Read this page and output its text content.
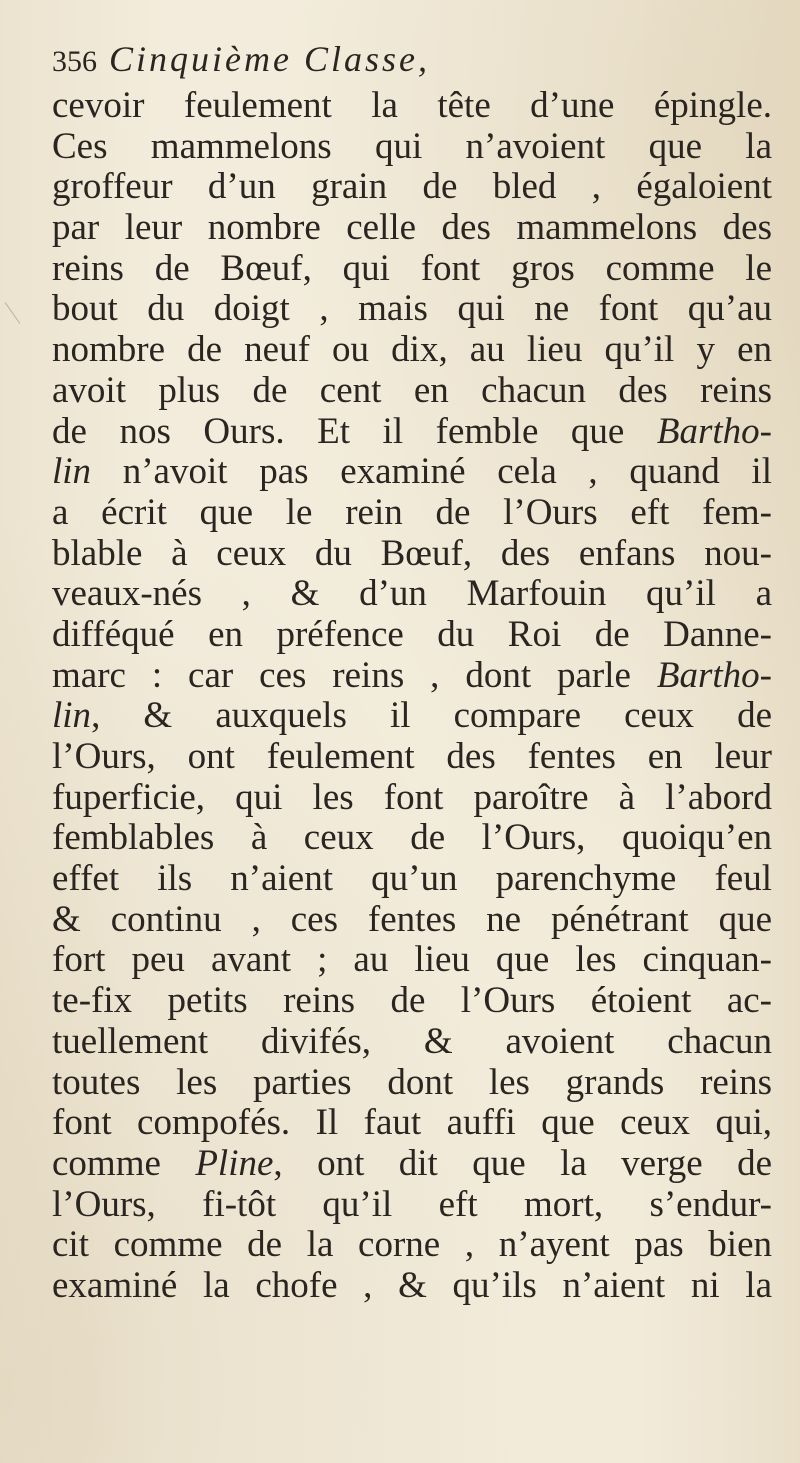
356 Cinquième Classe,
cevoir feulement la tête d’une épingle.
Ces mammelons qui n’avoient que la
groffeur d’un grain de bled , égaloient
par leur nombre celle des mammelons des
reins de Bœuf, qui font gros comme le
bout du doigt , mais qui ne font qu’au
nombre de neuf ou dix, au lieu qu’il y en
avoit plus de cent en chacun des reins
de nos Ours. Et il femble que Bartho-
lin n’avoit pas examiné cela , quand il
a écrit que le rein de l’Ours eft fem-
blable à ceux du Bœuf, des enfans nou-
veaux-nés , & d’un Marfouin qu’il a
difféqué en préfence du Roi de Danne-
marc : car ces reins , dont parle Bartho-
lin, & auxquels il compare ceux de
l’Ours, ont feulement des fentes en leur
fuperficie, qui les font paroître à l’abord
femblables à ceux de l’Ours, quoiqu’en
effet ils n’aient qu’un parenchyme feul
& continu , ces fentes ne pénétrant que
fort peu avant ; au lieu que les cinquan-
te-fix petits reins de l’Ours étoient ac-
tuellement divifés, & avoient chacun
toutes les parties dont les grands reins
font compofés. Il faut auffi que ceux qui,
comme Pline, ont dit que la verge de
l’Ours, fi-tôt qu’il eft mort, s’endur-
cit comme de la corne , n’ayent pas bien
examiné la chofe , & qu’ils n’aient ni la
